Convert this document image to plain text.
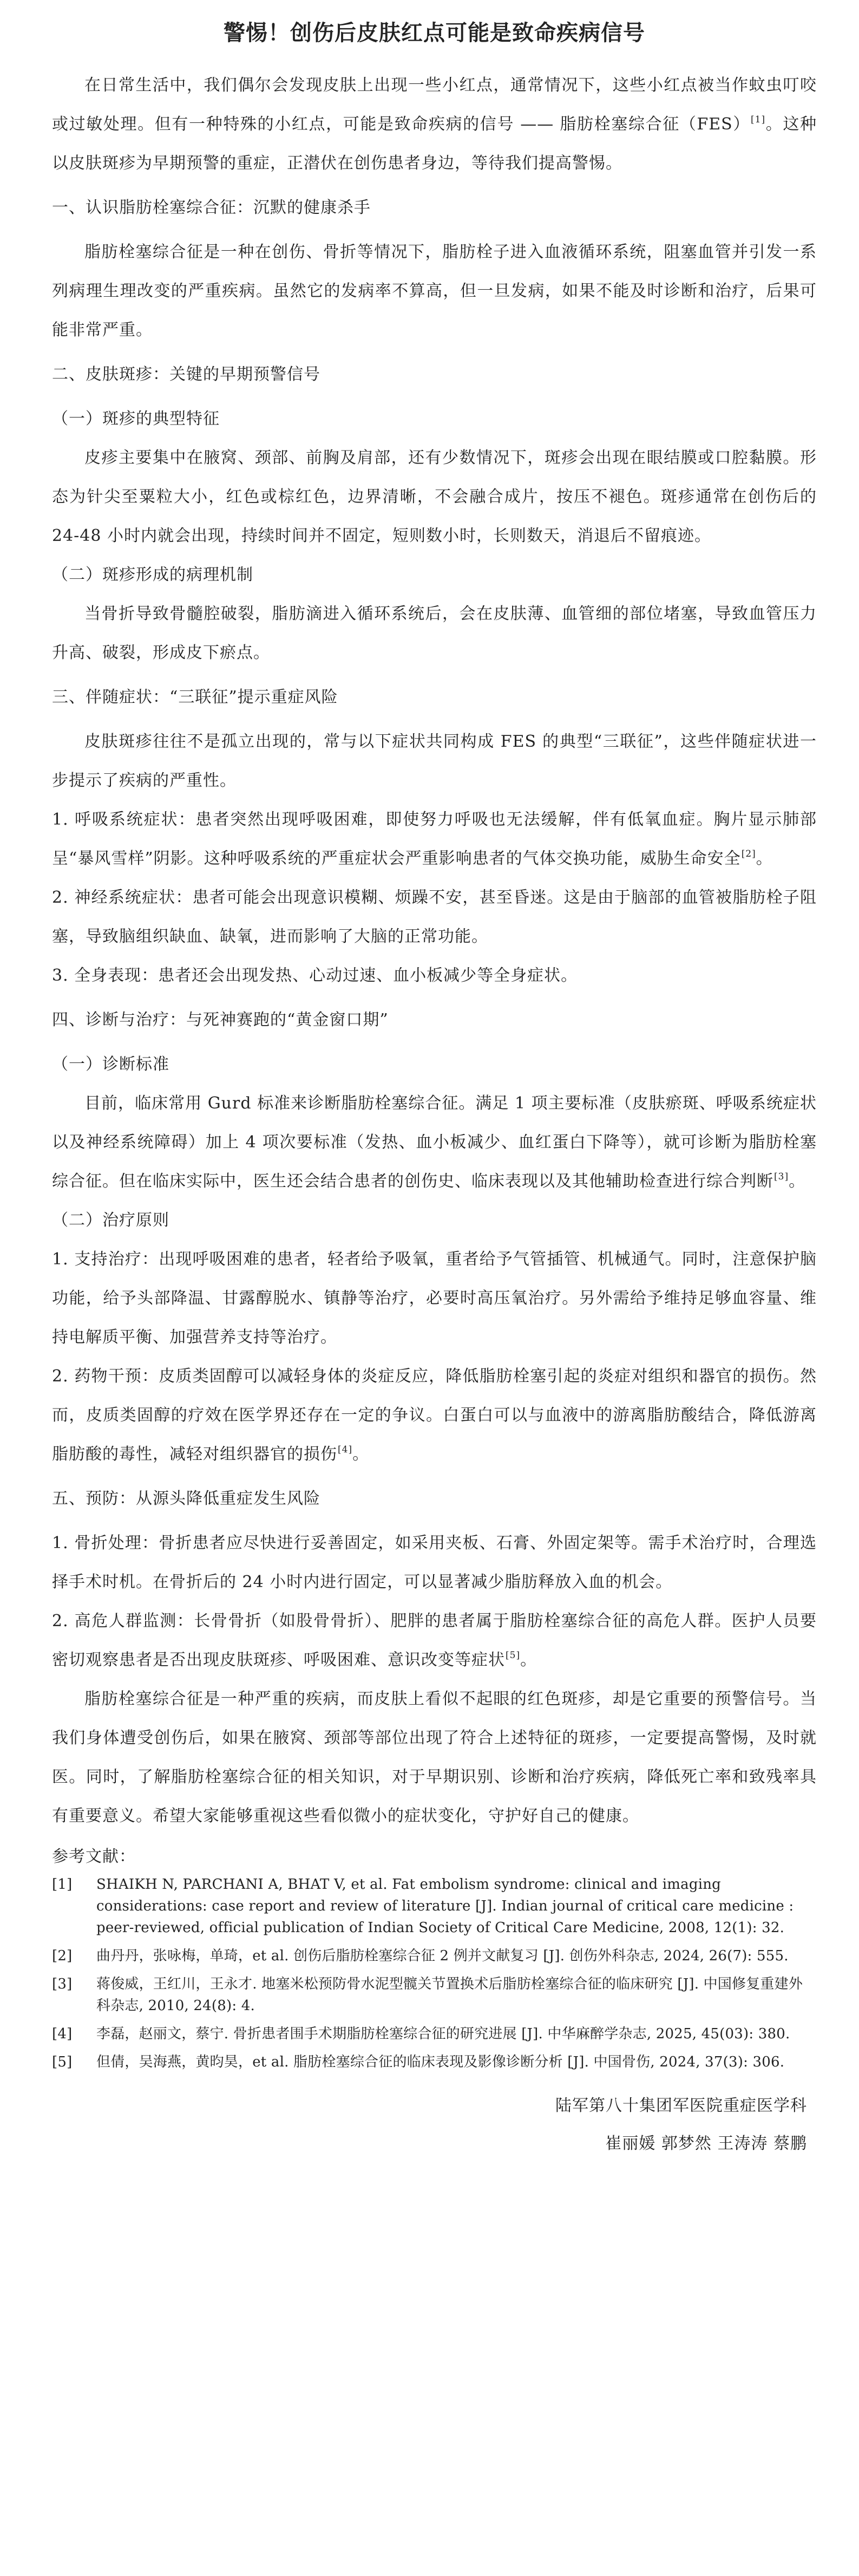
警惕！创伤后皮肤红点可能是致命疾病信号

在日常生活中，我们偶尔会发现皮肤上出现一些小红点，通常情况下，这些小红点被当作蚊虫叮咬或过敏处理。但有一种特殊的小红点，可能是致命疾病的信号 —— 脂肪栓塞综合征（FES）[1]。这种以皮肤斑疹为早期预警的重症，正潜伏在创伤患者身边，等待我们提高警惕。

一、认识脂肪栓塞综合征：沉默的健康杀手

脂肪栓塞综合征是一种在创伤、骨折等情况下，脂肪栓子进入血液循环系统，阻塞血管并引发一系列病理生理改变的严重疾病。虽然它的发病率不算高，但一旦发病，如果不能及时诊断和治疗，后果可能非常严重。

二、皮肤斑疹：关键的早期预警信号

（一）斑疹的典型特征

皮疹主要集中在腋窝、颈部、前胸及肩部，还有少数情况下，斑疹会出现在眼结膜或口腔黏膜。形态为针尖至粟粒大小，红色或棕红色，边界清晰，不会融合成片，按压不褪色。斑疹通常在创伤后的 24-48 小时内就会出现，持续时间并不固定，短则数小时，长则数天，消退后不留痕迹。

（二）斑疹形成的病理机制

当骨折导致骨髓腔破裂，脂肪滴进入循环系统后，会在皮肤薄、血管细的部位堵塞，导致血管压力升高、破裂，形成皮下瘀点。

三、伴随症状：“三联征”提示重症风险

皮肤斑疹往往不是孤立出现的，常与以下症状共同构成 FES 的典型“三联征”，这些伴随症状进一步提示了疾病的严重性。

1. 呼吸系统症状：患者突然出现呼吸困难，即使努力呼吸也无法缓解，伴有低氧血症。胸片显示肺部呈“暴风雪样”阴影。这种呼吸系统的严重症状会严重影响患者的气体交换功能，威胁生命安全[2]。

2. 神经系统症状：患者可能会出现意识模糊、烦躁不安，甚至昏迷。这是由于脑部的血管被脂肪栓子阻塞，导致脑组织缺血、缺氧，进而影响了大脑的正常功能。

3. 全身表现：患者还会出现发热、心动过速、血小板减少等全身症状。

四、诊断与治疗：与死神赛跑的“黄金窗口期”

（一）诊断标准

目前，临床常用 Gurd 标准来诊断脂肪栓塞综合征。满足 1 项主要标准（皮肤瘀斑、呼吸系统症状以及神经系统障碍）加上 4 项次要标准（发热、血小板减少、血红蛋白下降等），就可诊断为脂肪栓塞综合征。但在临床实际中，医生还会结合患者的创伤史、临床表现以及其他辅助检查进行综合判断[3]。

（二）治疗原则

1. 支持治疗：出现呼吸困难的患者，轻者给予吸氧，重者给予气管插管、机械通气。同时，注意保护脑功能，给予头部降温、甘露醇脱水、镇静等治疗，必要时高压氧治疗。另外需给予维持足够血容量、维持电解质平衡、加强营养支持等治疗。

2. 药物干预：皮质类固醇可以减轻身体的炎症反应，降低脂肪栓塞引起的炎症对组织和器官的损伤。然而，皮质类固醇的疗效在医学界还存在一定的争议。白蛋白可以与血液中的游离脂肪酸结合，降低游离脂肪酸的毒性，减轻对组织器官的损伤[4]。

五、预防：从源头降低重症发生风险

1. 骨折处理：骨折患者应尽快进行妥善固定，如采用夹板、石膏、外固定架等。需手术治疗时，合理选择手术时机。在骨折后的 24 小时内进行固定，可以显著减少脂肪释放入血的机会。

2. 高危人群监测：长骨骨折（如股骨骨折）、肥胖的患者属于脂肪栓塞综合征的高危人群。医护人员要密切观察患者是否出现皮肤斑疹、呼吸困难、意识改变等症状[5]。

脂肪栓塞综合征是一种严重的疾病，而皮肤上看似不起眼的红色斑疹，却是它重要的预警信号。当我们身体遭受创伤后，如果在腋窝、颈部等部位出现了符合上述特征的斑疹，一定要提高警惕，及时就医。同时，了解脂肪栓塞综合征的相关知识，对于早期识别、诊断和治疗疾病，降低死亡率和致残率具有重要意义。希望大家能够重视这些看似微小的症状变化，守护好自己的健康。

参考文献：

[1]	SHAIKH N, PARCHANI A, BHAT V, et al. Fat embolism syndrome: clinical and imaging considerations: case report and review of literature [J]. Indian journal of critical care medicine : peer-reviewed, official publication of Indian Society of Critical Care Medicine, 2008, 12(1): 32.
[2]	曲丹丹，张咏梅，单琦，et al. 创伤后脂肪栓塞综合征 2 例并文献复习 [J]. 创伤外科杂志, 2024, 26(7): 555.
[3]	蒋俊威，王红川，王永才. 地塞米松预防骨水泥型髋关节置换术后脂肪栓塞综合征的临床研究 [J]. 中国修复重建外科杂志, 2010, 24(8): 4.
[4]	李磊，赵丽文，蔡宁. 骨折患者围手术期脂肪栓塞综合征的研究进展 [J]. 中华麻醉学杂志, 2025, 45(03): 380.
[5]	但倩，吴海燕，黄昀昊，et al. 脂肪栓塞综合征的临床表现及影像诊断分析 [J]. 中国骨伤, 2024, 37(3): 306.
陆军第八十集团军医院重症医学科
崔丽媛 郭梦然 王涛涛 蔡鹏
